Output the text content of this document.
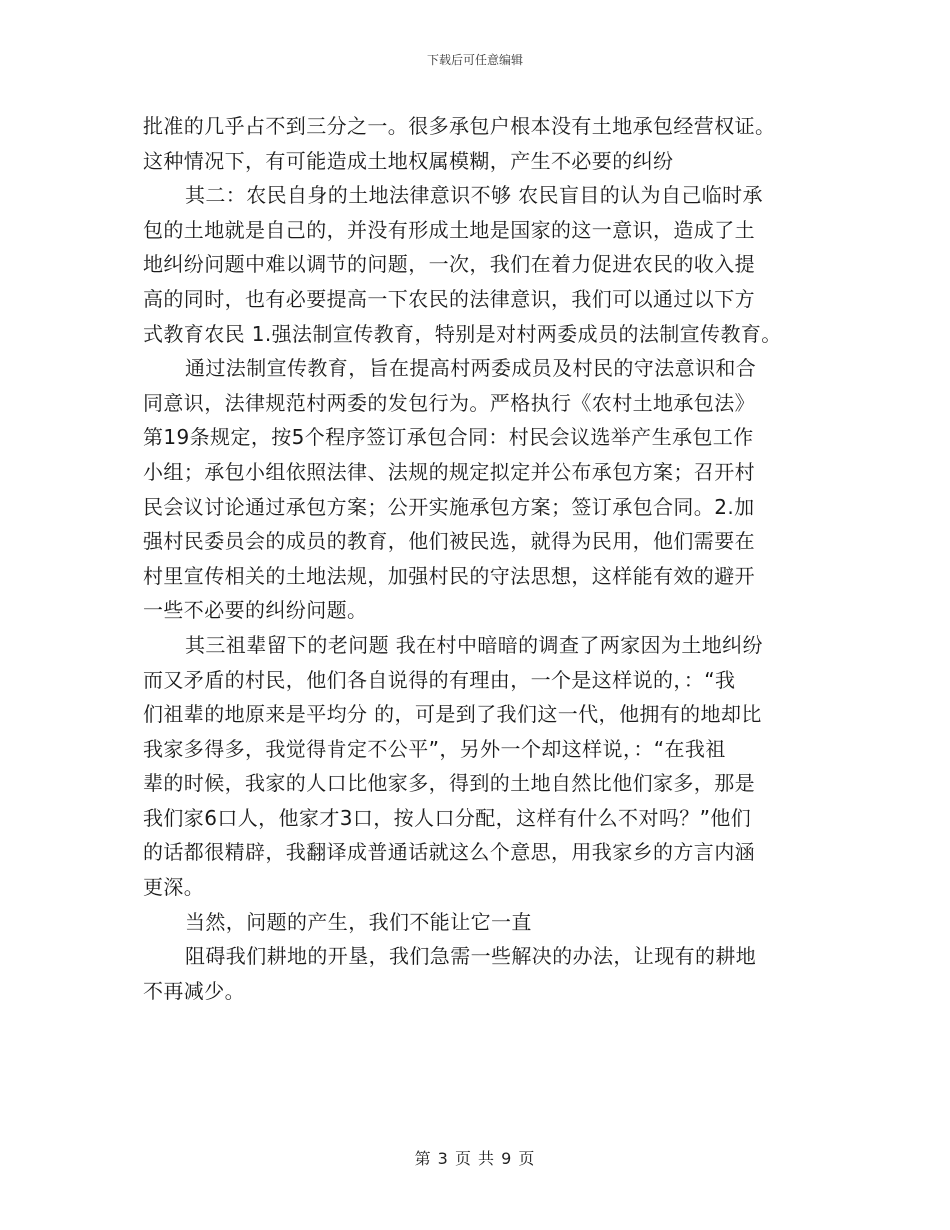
下载后可任意编辑
批准的几乎占不到三分之一。很多承包户根本没有土地承包经营权证。
这种情况下，有可能造成土地权属模糊，产生不必要的纠纷
其二：农民自身的土地法律意识不够 农民盲目的认为自己临时承
包的土地就是自己的，并没有形成土地是国家的这一意识，造成了土
地纠纷问题中难以调节的问题，一次，我们在着力促进农民的收入提
高的同时，也有必要提高一下农民的法律意识，我们可以通过以下方
式教育农民 1.强法制宣传教育，特别是对村两委成员的法制宣传教育。
通过法制宣传教育，旨在提高村两委成员及村民的守法意识和合
同意识，法律规范村两委的发包行为。严格执行《农村土地承包法》
第19条规定，按5个程序签订承包合同：村民会议选举产生承包工作
小组；承包小组依照法律、法规的规定拟定并公布承包方案；召开村
民会议讨论通过承包方案；公开实施承包方案；签订承包合同。2.加
强村民委员会的成员的教育，他们被民选，就得为民用，他们需要在
村里宣传相关的土地法规，加强村民的守法思想，这样能有效的避开
一些不必要的纠纷问题。
其三祖辈留下的老问题 我在村中暗暗的调查了两家因为土地纠纷
而又矛盾的村民，他们各自说得的有理由，一个是这样说的，：“我
们祖辈的地原来是平均分 的，可是到了我们这一代，他拥有的地却比
我家多得多，我觉得肯定不公平”，另外一个却这样说，：“在我祖
辈的时候，我家的人口比他家多，得到的土地自然比他们家多，那是
我们家6口人，他家才3口，按人口分配，这样有什么不对吗？”他们
的话都很精辟，我翻译成普通话就这么个意思，用我家乡的方言内涵
更深。
当然，问题的产生，我们不能让它一直
阻碍我们耕地的开垦，我们急需一些解决的办法，让现有的耕地
不再减少。
第 3 页 共 9 页
